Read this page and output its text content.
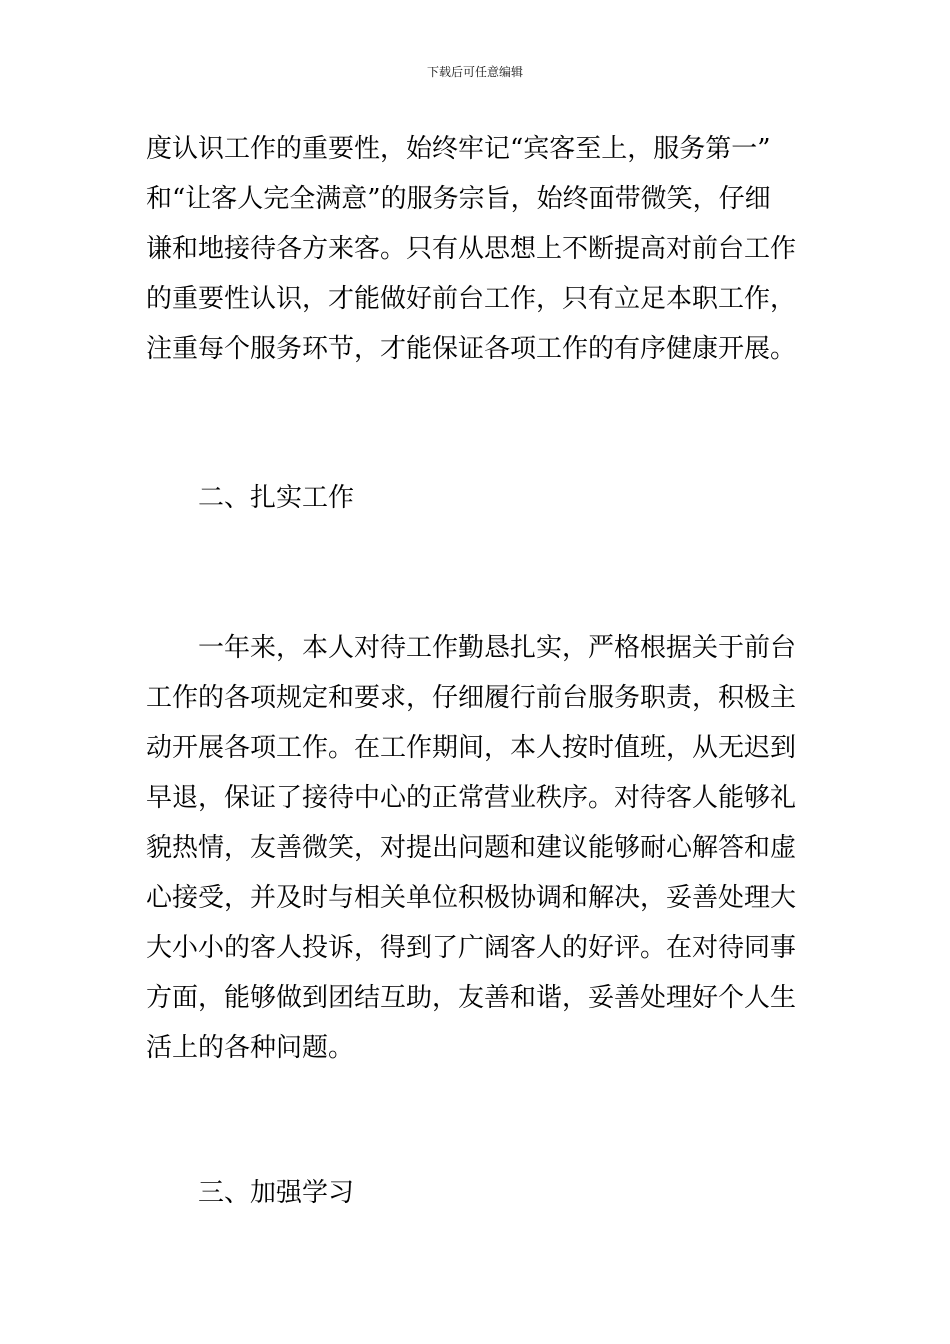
下载后可任意编辑
度认识工作的重要性，始终牢记“宾客至上，服务第一”
和“让客人完全满意”的服务宗旨，始终面带微笑，仔细
谦和地接待各方来客。只有从思想上不断提高对前台工作
的重要性认识，才能做好前台工作，只有立足本职工作，
注重每个服务环节，才能保证各项工作的有序健康开展。
二、扎实工作
一年来，本人对待工作勤恳扎实，严格根据关于前台
工作的各项规定和要求，仔细履行前台服务职责，积极主
动开展各项工作。在工作期间，本人按时值班，从无迟到
早退，保证了接待中心的正常营业秩序。对待客人能够礼
貌热情，友善微笑，对提出问题和建议能够耐心解答和虚
心接受，并及时与相关单位积极协调和解决，妥善处理大
大小小的客人投诉，得到了广阔客人的好评。在对待同事
方面，能够做到团结互助，友善和谐，妥善处理好个人生
活上的各种问题。
三、加强学习
